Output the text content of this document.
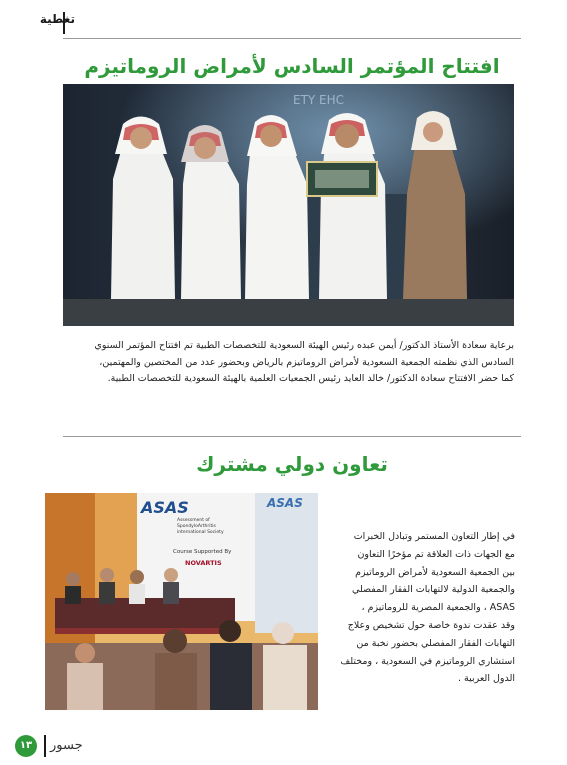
تغطية
افتتاح المؤتمر السادس لأمراض الروماتيزم
ETY EHC
برعاية سعادة الأستاذ الدكتور/ أيمن عبده رئيس الهيئة السعودية للتخصصات الطبية تم افتتاح المؤتمر السنوي
السادس الذي نظمته الجمعية السعودية لأمراض الروماتيزم بالرياض وبحضور عدد من المختصين والمهتمين،
كما حضر الافتتاح سعادة الدكتور/ خالد العايد رئيس الجمعيات العلمية بالهيئة السعودية للتخصصات الطبية.
تعاون دولي مشترك
ASAS
Assessment of
SpondyloArthritis
international Society
Course Supported By
NOVARTIS
ASAS
في إطار التعاون المستمر وتبادل الخبرات
مع الجهات ذات العلاقة تم مؤخرًا التعاون
بين الجمعية السعودية لأمراض الروماتيزم
والجمعية الدولية لالتهابات الفقار المفصلي
ASAS ، والجمعية المصرية للروماتيزم ،
وقد عقدت ندوة خاصة حول تشخيص وعلاج
التهابات الفقار المفصلي بحضور نخبة من
استشاري الروماتيزم في السعودية ، ومختلف
الدول العربية .
١٣	جسور
